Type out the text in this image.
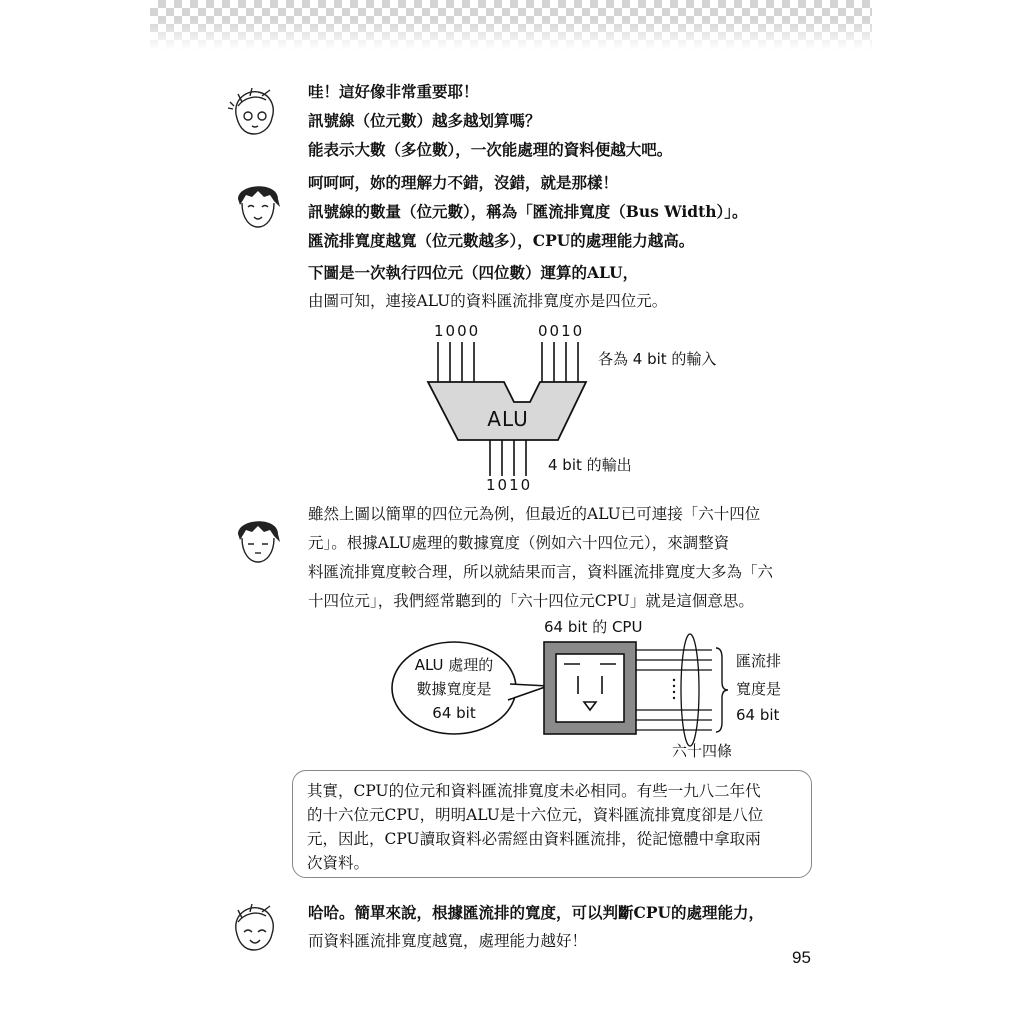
哇！這好像非常重要耶！
訊號線（位元數）越多越划算嗎？
能表示大數（多位數），一次能處理的資料便越大吧。

呵呵呵，妳的理解力不錯，沒錯，就是那樣！
訊號線的數量（位元數），稱為「匯流排寬度（Bus Width）」。
匯流排寬度越寬（位元數越多），CPU的處理能力越高。

下圖是一次執行四位元（四位數）運算的ALU，
由圖可知，連接ALU的資料匯流排寬度亦是四位元。

1000	0010
各為 4 bit 的輸入
4 bit 的輸出
1010
ALU

雖然上圖以簡單的四位元為例，但最近的ALU已可連接「六十四位
元」。根據ALU處理的數據寬度（例如六十四位元），來調整資
料匯流排寬度較合理，所以就結果而言，資料匯流排寬度大多為「六
十四位元」，我們經常聽到的「六十四位元CPU」就是這個意思。

64 bit 的 CPU
ALU 處理的
數據寬度是
64 bit
匯流排
寬度是
64 bit
六十四條

其實，CPU的位元和資料匯流排寬度未必相同。有些一九八二年代
的十六位元CPU，明明ALU是十六位元，資料匯流排寬度卻是八位
元，因此，CPU讀取資料必需經由資料匯流排，從記憶體中拿取兩
次資料。

哈哈。簡單來說，根據匯流排的寬度，可以判斷CPU的處理能力，
而資料匯流排寬度越寬，處理能力越好！

95
